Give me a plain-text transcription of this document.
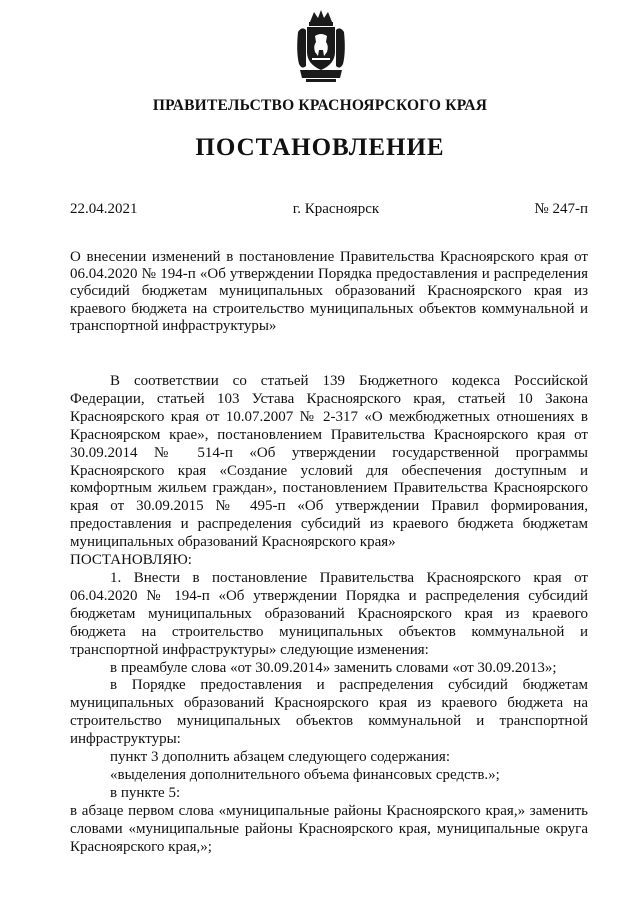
ПРАВИТЕЛЬСТВО КРАСНОЯРСКОГО КРАЯ
ПОСТАНОВЛЕНИЕ
22.04.2021	г. Красноярск	№ 247-п
О внесении изменений в постановление Правительства Красноярского края от 06.04.2020 № 194-п «Об утверждении Порядка предоставления и распределения субсидий бюджетам муниципальных образований Красноярского края из краевого бюджета на строительство муниципальных объектов коммунальной и транспортной инфраструктуры»

В соответствии со статьей 139 Бюджетного кодекса Российской Федерации, статьей 103 Устава Красноярского края, статьей 10 Закона Красноярского края от 10.07.2007 № 2-317 «О межбюджетных отношениях в Красноярском крае», постановлением Правительства Красноярского края от 30.09.2014 № 514-п «Об утверждении государственной программы Красноярского края «Создание условий для обеспечения доступным и комфортным жильем граждан», постановлением Правительства Красноярского края от 30.09.2015 № 495-п «Об утверждении Правил формирования, предоставления и распределения субсидий из краевого бюджета бюджетам муниципальных образований Красноярского края»

ПОСТАНОВЛЯЮ:

1. Внести в постановление Правительства Красноярского края от 06.04.2020 № 194-п «Об утверждении Порядка и распределения субсидий бюджетам муниципальных образований Красноярского края из краевого бюджета на строительство муниципальных объектов коммунальной и транспортной инфраструктуры» следующие изменения:

в преамбуле слова «от 30.09.2014» заменить словами «от 30.09.2013»;

в Порядке предоставления и распределения субсидий бюджетам муниципальных образований Красноярского края из краевого бюджета на строительство муниципальных объектов коммунальной и транспортной инфраструктуры:

пункт 3 дополнить абзацем следующего содержания:

«выделения дополнительного объема финансовых средств.»;

в пункте 5:

в абзаце первом слова «муниципальные районы Красноярского края,» заменить словами «муниципальные районы Красноярского края, муниципальные округа Красноярского края,»;
